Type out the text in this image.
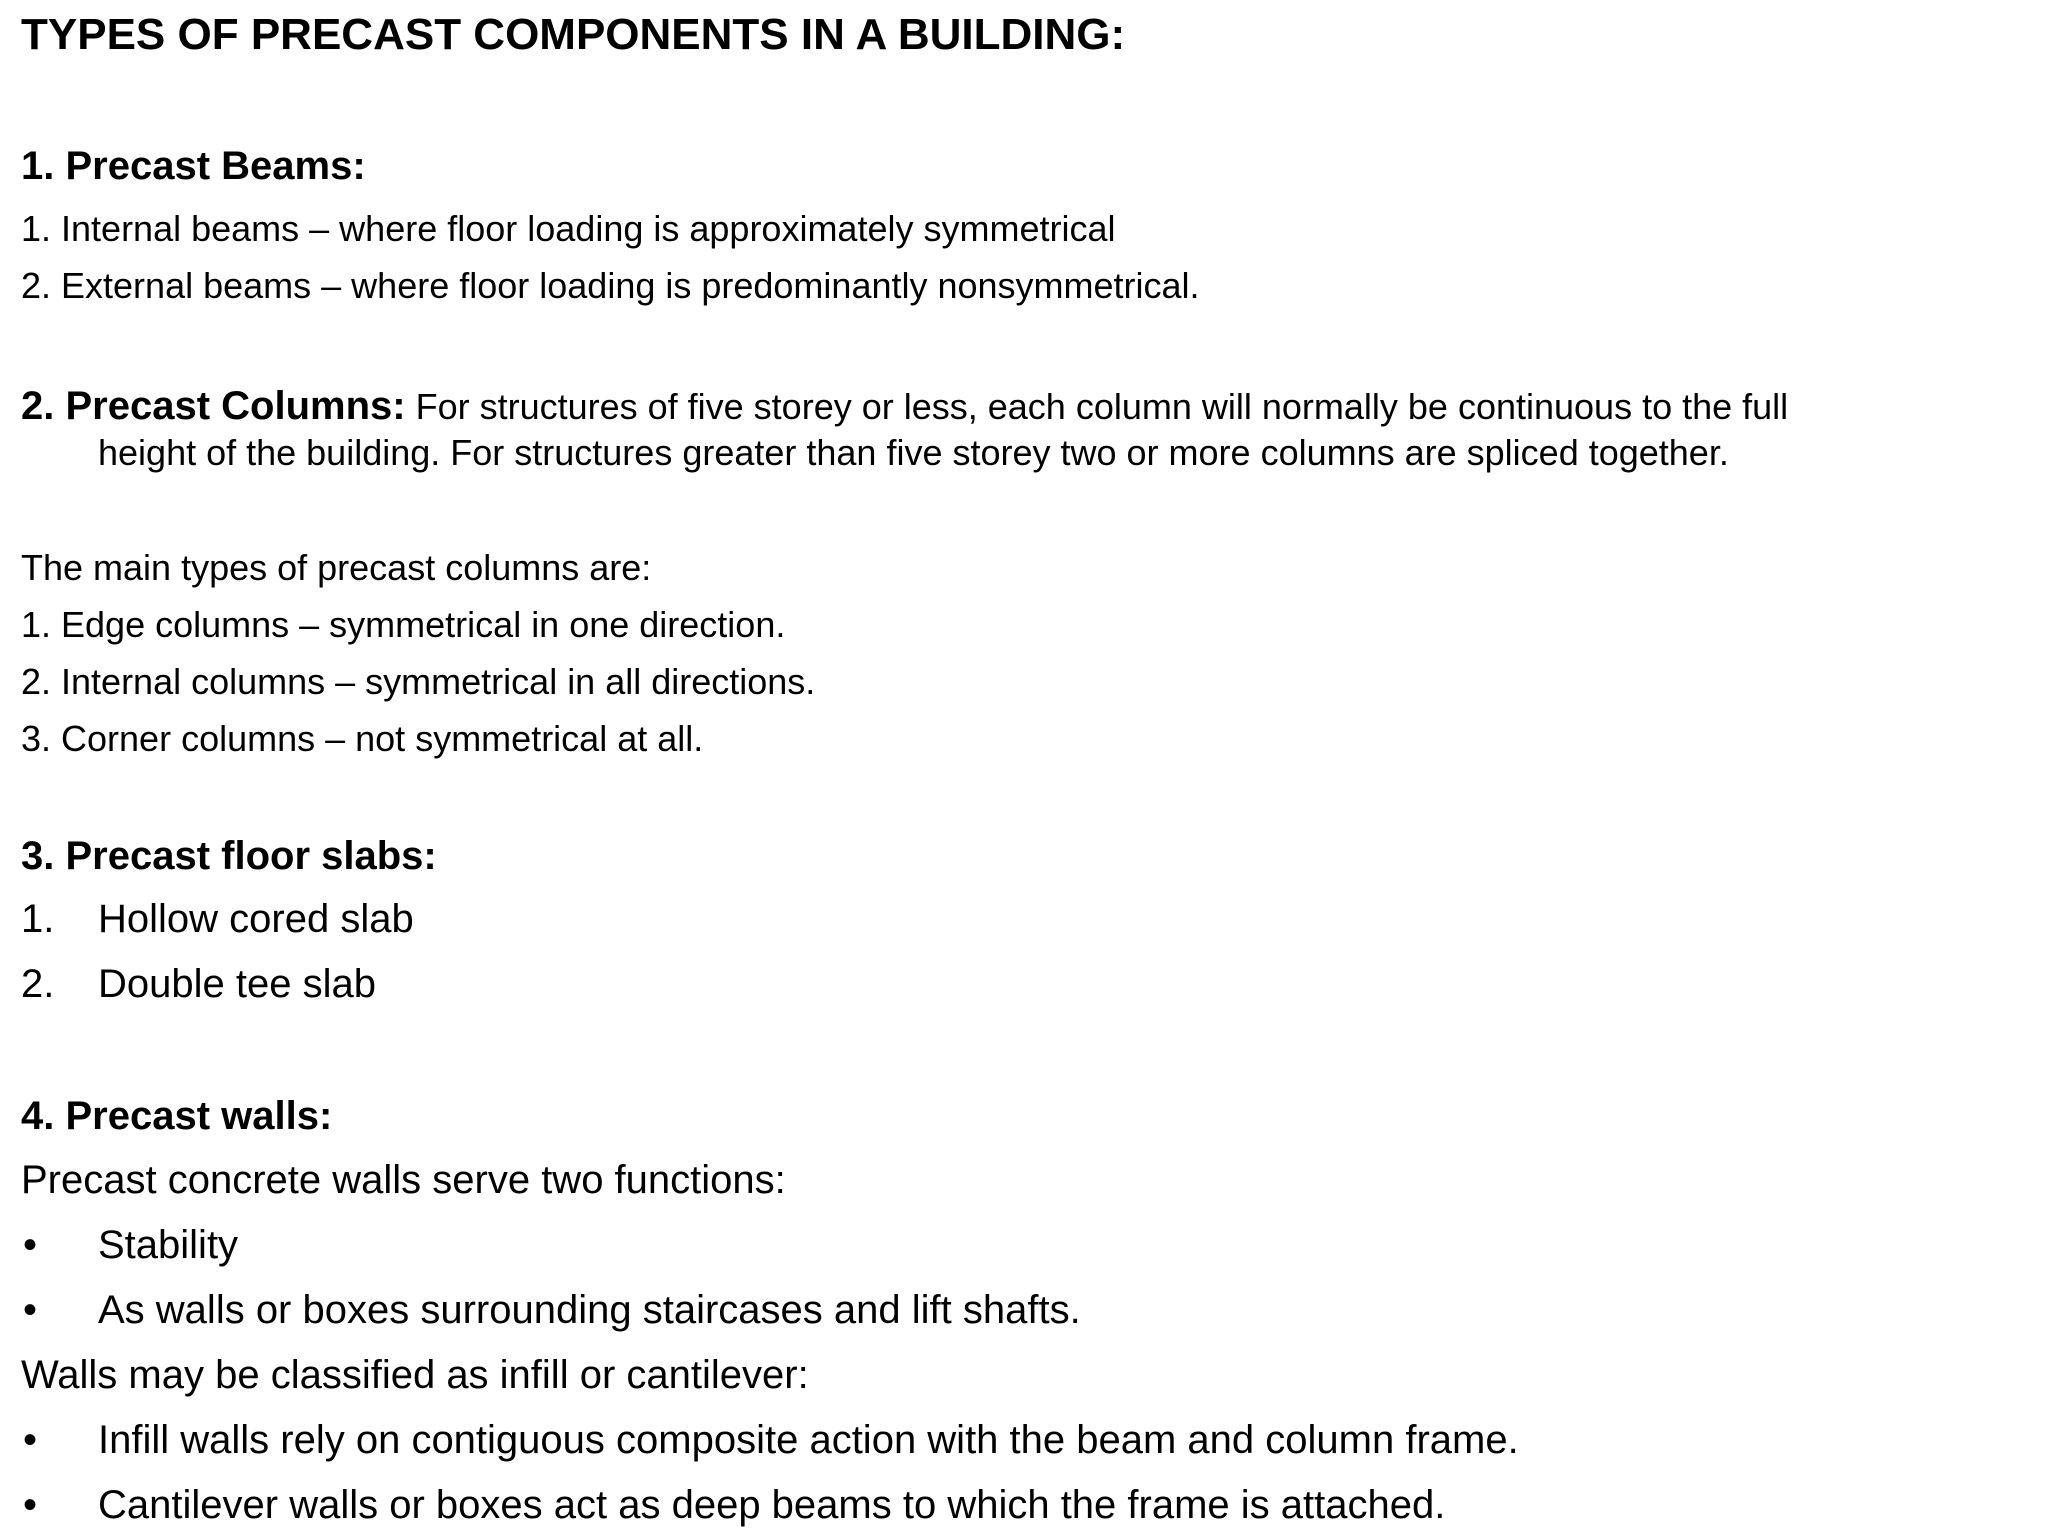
TYPES OF PRECAST COMPONENTS IN A BUILDING:
1. Precast Beams:
1. Internal beams – where floor loading is approximately symmetrical
2. External beams – where floor loading is predominantly nonsymmetrical.
2. Precast Columns: For structures of five storey or less, each column will normally be continuous to the full
height of the building. For structures greater than five storey two or more columns are spliced together.
The main types of precast columns are:
1. Edge columns – symmetrical in one direction.
2. Internal columns – symmetrical in all directions.
3. Corner columns – not symmetrical at all.
3. Precast floor slabs:
1. Hollow cored slab
2. Double tee slab
4. Precast walls:
Precast concrete walls serve two functions:
• Stability
• As walls or boxes surrounding staircases and lift shafts.
Walls may be classified as infill or cantilever:
• Infill walls rely on contiguous composite action with the beam and column frame.
• Cantilever walls or boxes act as deep beams to which the frame is attached.
